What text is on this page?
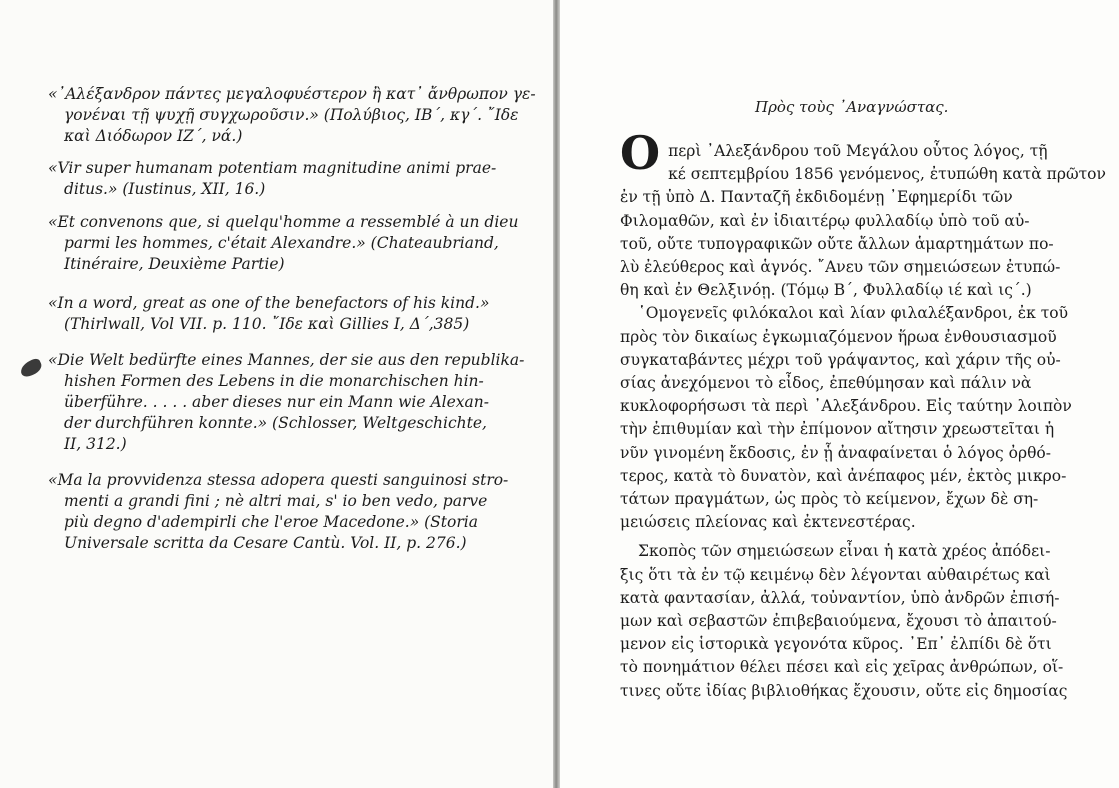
«᾿Αλέξανδρον πάντες μεγαλοφυέστερον ἢ κατ᾿ ἄνθρωπον γε-
γονέναι τῇ ψυχῇ συγχωροῦσιν.» (Πολύβιος, ΙΒ΄, κγ΄. ῎Ιδε
καὶ Διόδωρον ΙΖ΄, νά.)

«Vir super humanam potentiam magnitudine animi prae-
ditus.» (Iustinus, XII, 16.)

«Et convenons que, si quelqu'homme a ressemblé à un dieu
parmi les hommes, c'était Alexandre.» (Chateaubriand,
Itinéraire, Deuxième Partie)

«In a word, great as one of the benefactors of his kind.»
(Thirlwall, Vol VII. p. 110. ῎Ιδε καὶ Gillies I, Δ΄,385)

«Die Welt bedürfte eines Mannes, der sie aus den republika-
hishen Formen des Lebens in die monarchischen hin-
überführe. . . . . aber dieses nur ein Mann wie Alexan-
der durchführen konnte.» (Schlosser, Weltgeschichte,
II, 312.)

«Ma la provvidenza stessa adopera questi sanguinosi stro-
menti a grandi fini ; nè altri mai, s' io ben vedo, parve
più degno d'adempirli che l'eroe Macedone.» (Storia
Universale scritta da Cesare Cantù. Vol. II, p. 276.)

Πρὸς τοὺς ᾿Αναγνώστας.
Ο περὶ ᾿Αλεξάνδρου τοῦ Μεγάλου οὗτος λόγος, τῇ
κέ σεπτεμβρίου 1856 γενόμενος, ἐτυπώθη κατὰ πρῶτον
ἐν τῇ ὑπὸ Δ. Πανταζῆ ἐκδιδομένῃ ᾿Εφημερίδι τῶν
Φιλομαθῶν, καὶ ἐν ἰδιαιτέρῳ φυλλαδίῳ ὑπὸ τοῦ αὐ-
τοῦ, οὔτε τυπογραφικῶν οὔτε ἄλλων ἁμαρτημάτων πο-
λὺ ἐλεύθερος καὶ ἁγνός. ῎Ανευ τῶν σημειώσεων ἐτυπώ-
θη καὶ ἐν Θελξινόῃ. (Τόμῳ Β΄, Φυλλαδίῳ ιέ καὶ ις΄.)
῾Ομογενεῖς φιλόκαλοι καὶ λίαν φιλαλέξανδροι, ἐκ τοῦ
πρὸς τὸν δικαίως ἐγκωμιαζόμενον ἥρωα ἐνθουσιασμοῦ
συγκαταβάντες μέχρι τοῦ γράψαντος, καὶ χάριν τῆς οὐ-
σίας ἀνεχόμενοι τὸ εἶδος, ἐπεθύμησαν καὶ πάλιν νὰ
κυκλοφορήσωσι τὰ περὶ ᾿Αλεξάνδρου. Εἰς ταύτην λοιπὸν
τὴν ἐπιθυμίαν καὶ τὴν ἐπίμονον αἴτησιν χρεωστεῖται ἡ
νῦν γινομένη ἔκδοσις, ἐν ᾗ ἀναφαίνεται ὁ λόγος ὀρθό-
τερος, κατὰ τὸ δυνατὸν, καὶ ἀνέπαφος μέν, ἐκτὸς μικρο-
τάτων πραγμάτων, ὡς πρὸς τὸ κείμενον, ἔχων δὲ ση-
μειώσεις πλείονας καὶ ἐκτενεστέρας.
Σκοπὸς τῶν σημειώσεων εἶναι ἡ κατὰ χρέος ἀπόδει-
ξις ὅτι τὰ ἐν τῷ κειμένῳ δὲν λέγονται αὐθαιρέτως καὶ
κατὰ φαντασίαν, ἀλλά, τοὐναντίον, ὑπὸ ἀνδρῶν ἐπισή-
μων καὶ σεβαστῶν ἐπιβεβαιούμενα, ἔχουσι τὸ ἀπαιτού-
μενον εἰς ἱστορικὰ γεγονότα κῦρος. ᾿Επ᾿ ἐλπίδι δὲ ὅτι
τὸ πονημάτιον θέλει πέσει καὶ εἰς χεῖρας ἀνθρώπων, οἵ-
τινες οὔτε ἰδίας βιβλιοθήκας ἔχουσιν, οὔτε εἰς δημοσίας
